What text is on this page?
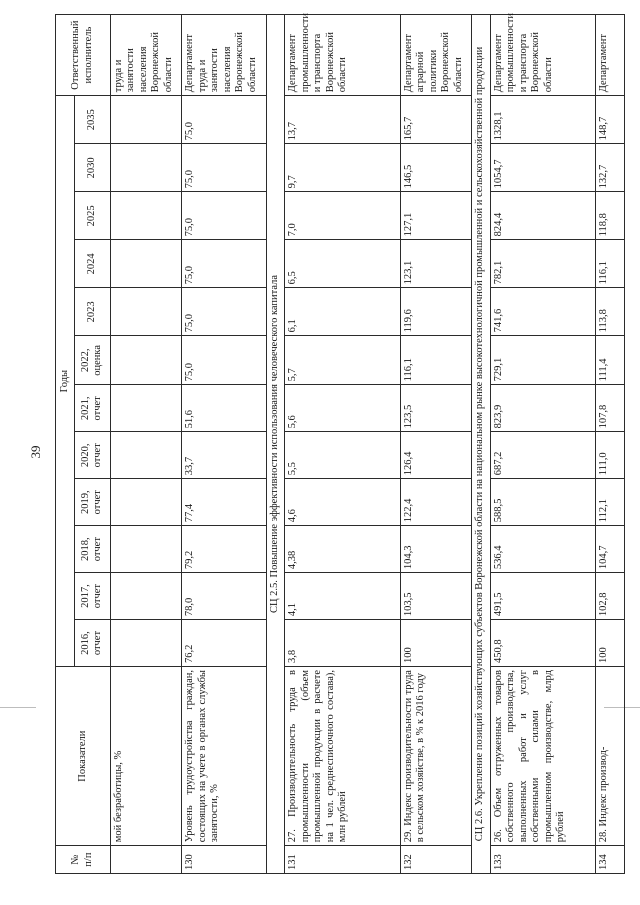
39
№ п/п	Показатели	Годы												Ответственный исполнитель
		2016, отчет	2017, отчет	2018, отчет	2019, отчет	2020, отчет	2021, отчет	2022, оценка	2023	2024	2025	2030	2035	
	мой безработицы, %													труда и занятости населения Воронежской области
130	Уровень трудоустройства граждан, состоящих на учете в органах службы занятости, %	76,2	78,0	79,2	77,4	33,7	51,6	75,0	75,0	75,0	75,0	75,0	75,0	Департамент труда и занятости населения Воронежской области
СЦ 2.5. Повышение эффективности использования человеческого капитала														
131	27. Производительность труда в промышленности (объем промышленной продукции в расчете на 1 чел. среднесписочного состава), млн рублей	3,8	4,1	4,38	4,6	5,5	5,6	5,7	6,1	6,5	7,0	9,7	13,7	Департамент промышленности и транспорта Воронежской области
132	29. Индекс производительности труда в сельском хозяйстве, в % к 2016 году	100	103,5	104,3	122,4	126,4	123,5	116,1	119,6	123,1	127,1	146,5	165,7	Департамент аграрной политики Воронежской области
СЦ 2.6. Укрепление позиций хозяйствующих субъектов Воронежской области на национальном рынке высокотехнологичной промышленной и сельскохозяйственной продукции														
133	26. Объем отгруженных товаров собственного производства, выполненных работ и услуг собственными силами в промышленном производстве, млрд рублей	450,8	491,5	536,4	588,5	687,2	823,9	729,1	741,6	782,1	824,4	1054,7	1328,1	Департамент промышленности и транспорта Воронежской области
134	28. Индекс производ-	100	102,8	104,7	112,1	111,0	107,8	111,4	113,8	116,1	118,8	132,7	148,7	Департамент
